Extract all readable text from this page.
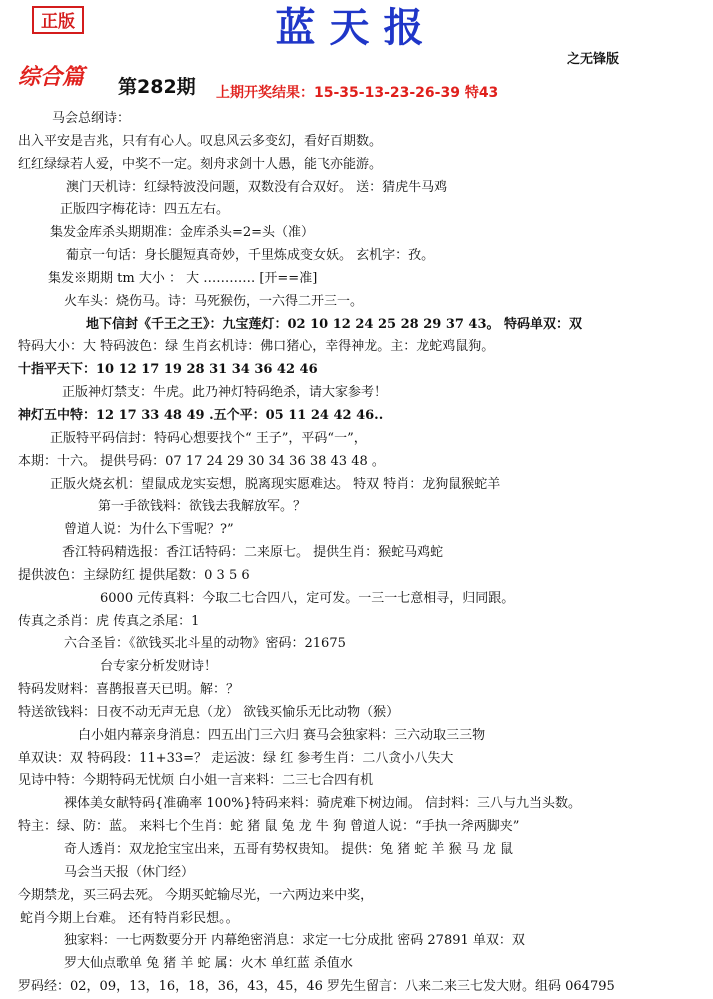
正版	蓝天报
之无锋版
综合篇 第282期 上期开奖结果：15-35-13-23-26-39 特43
马会总纲诗：
出入平安是吉兆，只有有心人。叹息风云多变幻，看好百期数。
红红绿绿若人爱，中奖不一定。刻舟求剑十人愚，能飞亦能游。
澳门天机诗：红绿特波没问题，双数没有合双好。 送：猜虎牛马鸡
正版四字梅花诗：四五左右。
集发金库杀头期期准：金库杀头=2=头（准）
葡京一句话：身长腿短真奇妙，千里炼成变女妖。 玄机字：孜。
集发※期期 tm 大小 ： 大 ………… [开==准]
火车头：烧伤马。诗：马死猴伤，一六得二开三一。
地下信封《千王之王》：九宝莲灯：02 10 12 24 25 28 29 37 43。 特码单双：双
特码大小：大 特码波色：绿 生肖玄机诗：佛口猪心，幸得神龙。主：龙蛇鸡鼠狗。
十指平天下：10 12 17 19 28 31 34 36 42 46
正版神灯禁支：牛虎。此乃神灯特码绝杀，请大家参考！
神灯五中特：12 17 33 48 49 .五个平：05 11 24 42 46..
正版特平码信封：特码心想要找个“ 王子”，平码“一”，
本期：十六。 提供号码：07 17 24 29 30 34 36 38 43 48 。
正版火烧玄机：望鼠成龙实妄想，脱离现实愿难达。 特双 特肖：龙狗鼠猴蛇羊
第一手欲钱料：欲钱去我解放军。？
曾道人说：为什么下雪呢？?”
香江特码精选报：香江话特码：二来原七。 提供生肖：猴蛇马鸡蛇
提供波色：主绿防红 提供尾数：0 3 5 6
6000 元传真料：今取二七合四八，定可发。一三一七意相寻，归同跟。
传真之杀肖：虎 传真之杀尾：1
六合圣旨：《欲钱买北斗星的动物》密码：21675
台专家分析发财诗！
特码发财料：喜鹊报喜天已明。解：？
特送欲钱料：日夜不动无声无息（龙） 欲钱买愉乐无比动物（猴）
白小姐内幕亲身消息：四五出门三六归 赛马会独家料：三六动取三三物
单双诀：双 特码段：11+33=？ 走运波：绿 红 参考生肖：二八贪小八失大
见诗中特：今期特码无忧烦 白小姐一言来料：二三七合四有机
裸体美女献特码{准确率 100%}特码来料：骑虎难下树边闹。 信封料：三八与九当头数。
特主：绿、防：蓝。 来料七个生肖：蛇 猪 鼠 兔 龙 牛 狗 曾道人说：“手执一斧两脚夹”
奇人透肖：双龙抢宝宝出来，五哥有势权贵知。 提供：兔 猪 蛇 羊 猴 马 龙 鼠
马会当天报（休门经）
今期禁龙，买三码去死。 今期买蛇输尽光，一六两边来中奖，
蛇肖今期上台难。 还有特肖彩民想。。
独家料：一七两数要分开 内幕绝密消息：求定一七分成批 密码 27891 单双：双
罗大仙点歌单 兔 猪 羊 蛇 属：火木 单红蓝 杀值水
罗码经：02，09，13，16，18，36，43，45，46 罗先生留言：八来二来三七发大财。组码 064795
